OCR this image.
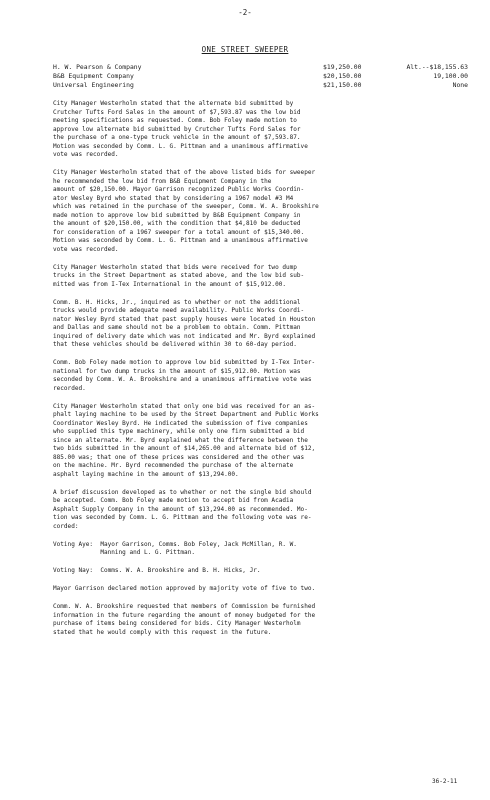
-2-
ONE STREET SWEEPER
H. W. Pearson & Company	$19,250.00	Alt.--$18,155.63
B&B Equipment Company	$20,150.00	19,100.00
Universal Engineering	$21,150.00	None
City Manager Westerholm stated that the alternate bid submitted by
Crutcher Tufts Ford Sales in the amount of $7,593.87 was the low bid
meeting specifications as requested. Comm. Bob Foley made motion to
approve low alternate bid submitted by Crutcher Tufts Ford Sales for
the purchase of a one-type truck vehicle in the amount of $7,593.87.
Motion was seconded by Comm. L. G. Pittman and a unanimous affirmative
vote was recorded.
City Manager Westerholm stated that of the above listed bids for sweeper
he recommended the low bid from B&B Equipment Company in the
amount of $20,150.00. Mayor Garrison recognized Public Works Coordin-
ator Wesley Byrd who stated that by considering a 1967 model #3 M4
which was retained in the purchase of the sweeper, Comm. W. A. Brookshire
made motion to approve low bid submitted by B&B Equipment Company in
the amount of $20,150.00, with the condition that $4,810 be deducted
for consideration of a 1967 sweeper for a total amount of $15,340.00.
Motion was seconded by Comm. L. G. Pittman and a unanimous affirmative
vote was recorded.
City Manager Westerholm stated that bids were received for two dump
trucks in the Street Department as stated above, and the low bid sub-
mitted was from I-Tex International in the amount of $15,912.00.
Comm. B. H. Hicks, Jr., inquired as to whether or not the additional
trucks would provide adequate need availability. Public Works Coordi-
nator Wesley Byrd stated that past supply houses were located in Houston
and Dallas and same should not be a problem to obtain. Comm. Pittman
inquired of delivery date which was not indicated and Mr. Byrd explained
that these vehicles should be delivered within 30 to 60-day period.
Comm. Bob Foley made motion to approve low bid submitted by I-Tex Inter-
national for two dump trucks in the amount of $15,912.00. Motion was
seconded by Comm. W. A. Brookshire and a unanimous affirmative vote was
recorded.
City Manager Westerholm stated that only one bid was received for an as-
phalt laying machine to be used by the Street Department and Public Works
Coordinator Wesley Byrd. He indicated the submission of five companies
who supplied this type machinery, while only one firm submitted a bid
since an alternate. Mr. Byrd explained what the difference between the
two bids submitted in the amount of $14,265.00 and alternate bid of $12,
885.00 was; that one of these prices was considered and the other was
on the machine. Mr. Byrd recommended the purchase of the alternate
asphalt laying machine in the amount of $13,294.00.
A brief discussion developed as to whether or not the single bid should
be accepted. Comm. Bob Foley made motion to accept bid from Acadia
Asphalt Supply Company in the amount of $13,294.00 as recommended. Mo-
tion was seconded by Comm. L. G. Pittman and the following vote was re-
corded:
Voting Aye:  Mayor Garrison, Comms. Bob Foley, Jack McMillan, R. W.
Manning and L. G. Pittman.
Voting Nay:  Comms. W. A. Brookshire and B. H. Hicks, Jr.
Mayor Garrison declared motion approved by majority vote of five to two.
Comm. W. A. Brookshire requested that members of Commission be furnished
information in the future regarding the amount of money budgeted for the
purchase of items being considered for bids. City Manager Westerholm
stated that he would comply with this request in the future.
36-2-11
